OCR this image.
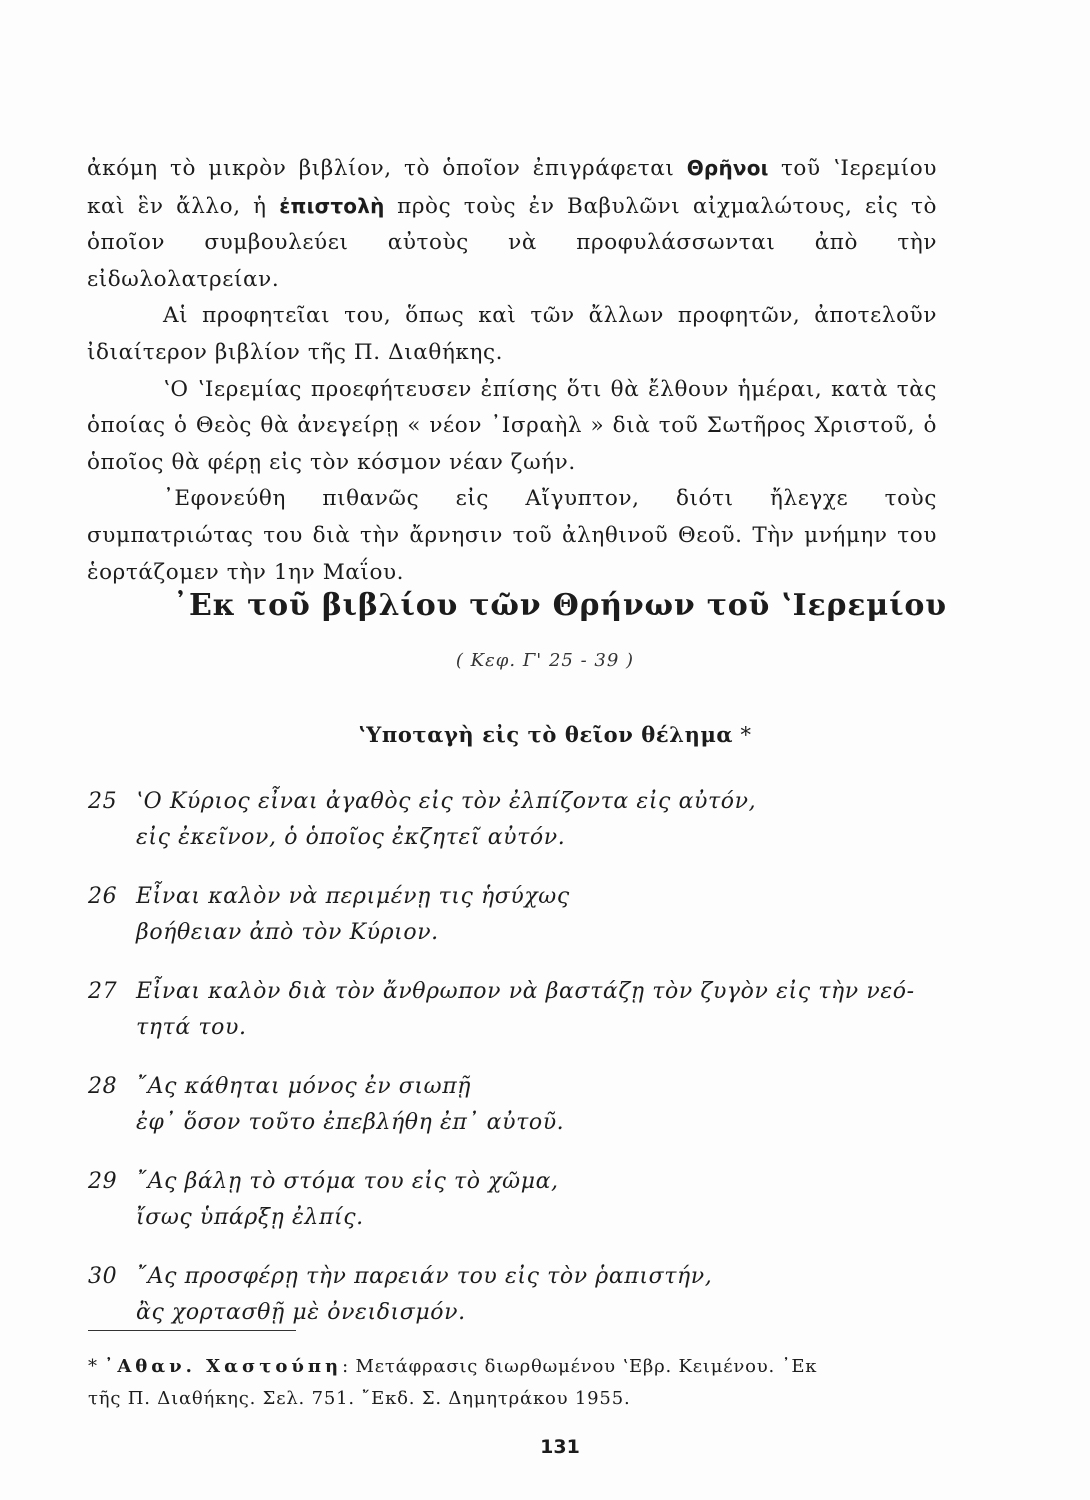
ἀκόμη τὸ μικρὸν βιβλίον, τὸ ὁποῖον ἐπιγράφεται Θρῆνοι τοῦ ʽΙερεμίου καὶ ἓν ἄλλο, ἡ ἐπιστολὴ πρὸς τοὺς ἐν Βαβυλῶνι αἰχμαλώτους, εἰς τὸ ὁποῖον συμβουλεύει αὐτοὺς νὰ προφυλάσσωνται ἀπὸ τὴν εἰδωλολατρείαν.

Αἱ προφητεῖαι του, ὅπως καὶ τῶν ἄλλων προφητῶν, ἀποτελοῦν ἰδιαίτερον βιβλίον τῆς Π. Διαθήκης.

ʽΟ ʽΙερεμίας προεφήτευσεν ἐπίσης ὅτι θὰ ἔλθουν ἡμέραι, κατὰ τὰς ὁποίας ὁ Θεὸς θὰ ἀνεγείρῃ « νέον ᾿Ισραὴλ » διὰ τοῦ Σωτῆρος Χριστοῦ, ὁ ὁποῖος θὰ φέρῃ εἰς τὸν κόσμον νέαν ζωήν.

᾿Εφονεύθη πιθανῶς εἰς Αἴγυπτον, διότι ἤλεγχε τοὺς συμπατριώτας του διὰ τὴν ἄρνησιν τοῦ ἀληθινοῦ Θεοῦ. Τὴν μνήμην του ἑορτάζομεν τὴν 1ην Μαΐου.

᾿Εκ τοῦ βιβλίου τῶν Θρήνων τοῦ ʽΙερεμίου
( Κεφ. Γ' 25 - 39 )
ʽΥποταγὴ εἰς τὸ θεῖον θέλημα *
25 ʽΟ Κύριος εἶναι ἀγαθὸς εἰς τὸν ἐλπίζοντα εἰς αὐτόν,
εἰς ἐκεῖνον, ὁ ὁποῖος ἐκζητεῖ αὐτόν.
26 Εἶναι καλὸν νὰ περιμένῃ τις ἡσύχως
βοήθειαν ἀπὸ τὸν Κύριον.
27 Εἶναι καλὸν διὰ τὸν ἄνθρωπον νὰ βαστάζῃ τὸν ζυγὸν εἰς τὴν νεό-
τητά του.
28 ῎Ας κάθηται μόνος ἐν σιωπῇ
ἐφ᾿ ὅσον τοῦτο ἐπεβλήθη ἐπ᾿ αὐτοῦ.
29 ῎Ας βάλῃ τὸ στόμα του εἰς τὸ χῶμα,
ἴσως ὑπάρξῃ ἐλπίς.
30 ῎Ας προσφέρῃ τὴν παρειάν του εἰς τὸν ῥαπιστήν,
ἂς χορτασθῇ μὲ ὀνειδισμόν.

* ᾿Αθαν. Χαστούπη: Μετάφρασις διωρθωμένου ʽΕβρ. Κειμένου. ᾿Εκ

τῆς Π. Διαθήκης. Σελ. 751. ῎Εκδ. Σ. Δημητράκου 1955.

131
